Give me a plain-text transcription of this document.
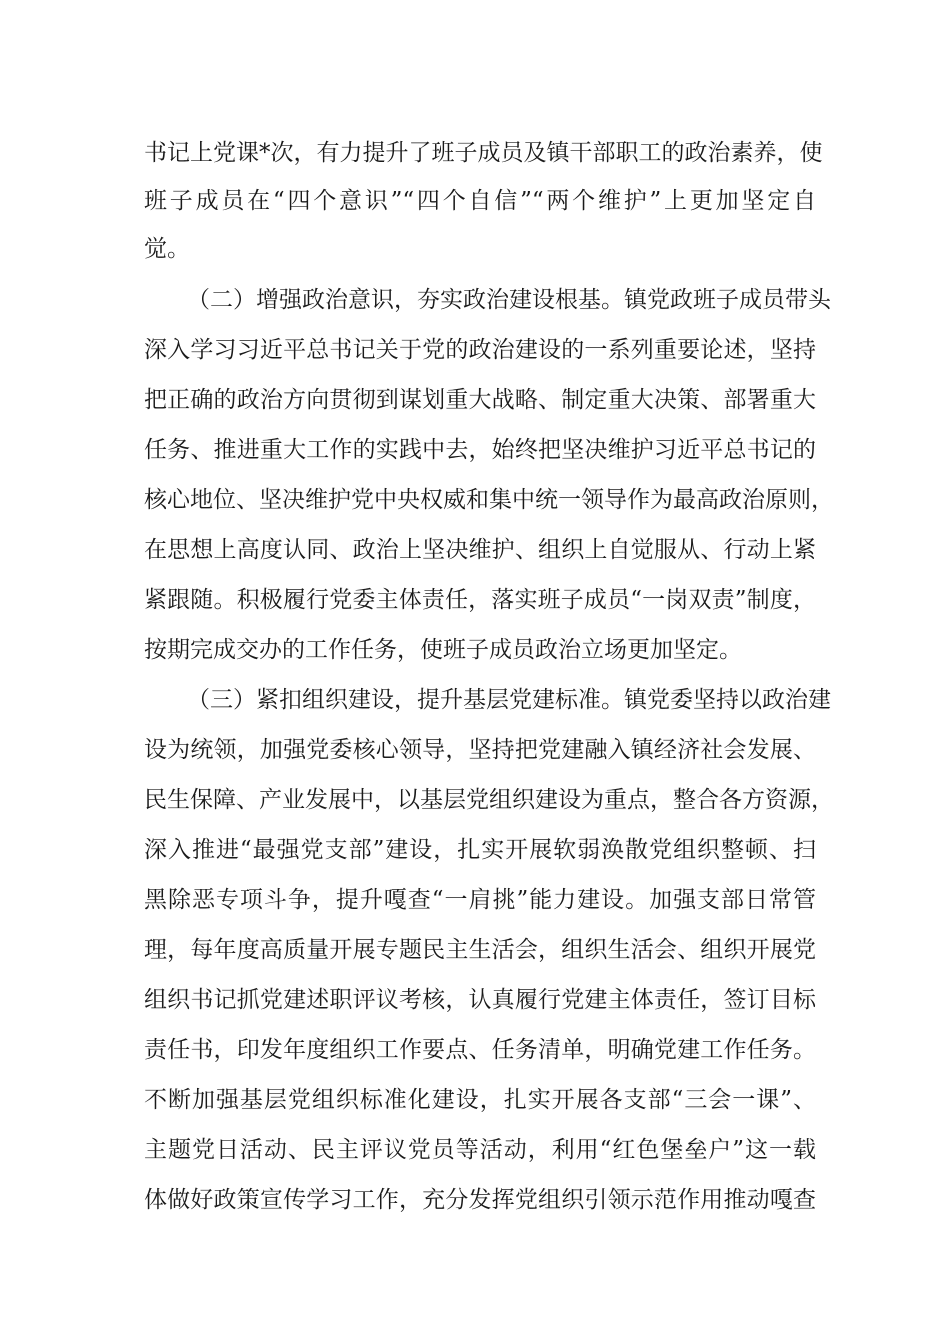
书记上党课*次，有力提升了班子成员及镇干部职工的政治素养，使
班子成员在“四个意识”“四个自信”“两个维护”上更加坚定自
觉。
（二）增强政治意识，夯实政治建设根基。镇党政班子成员带头
深入学习习近平总书记关于党的政治建设的一系列重要论述，坚持
把正确的政治方向贯彻到谋划重大战略、制定重大决策、部署重大
任务、推进重大工作的实践中去，始终把坚决维护习近平总书记的
核心地位、坚决维护党中央权威和集中统一领导作为最高政治原则，
在思想上高度认同、政治上坚决维护、组织上自觉服从、行动上紧
紧跟随。积极履行党委主体责任，落实班子成员“一岗双责”制度，
按期完成交办的工作任务，使班子成员政治立场更加坚定。
（三）紧扣组织建设，提升基层党建标准。镇党委坚持以政治建
设为统领，加强党委核心领导，坚持把党建融入镇经济社会发展、
民生保障、产业发展中，以基层党组织建设为重点，整合各方资源，
深入推进“最强党支部”建设，扎实开展软弱涣散党组织整顿、扫
黑除恶专项斗争，提升嘎查“一肩挑”能力建设。加强支部日常管
理，每年度高质量开展专题民主生活会，组织生活会、组织开展党
组织书记抓党建述职评议考核，认真履行党建主体责任，签订目标
责任书，印发年度组织工作要点、任务清单，明确党建工作任务。
不断加强基层党组织标准化建设，扎实开展各支部“三会一课”、
主题党日活动、民主评议党员等活动，利用“红色堡垒户”这一载
体做好政策宣传学习工作，充分发挥党组织引领示范作用推动嘎查
